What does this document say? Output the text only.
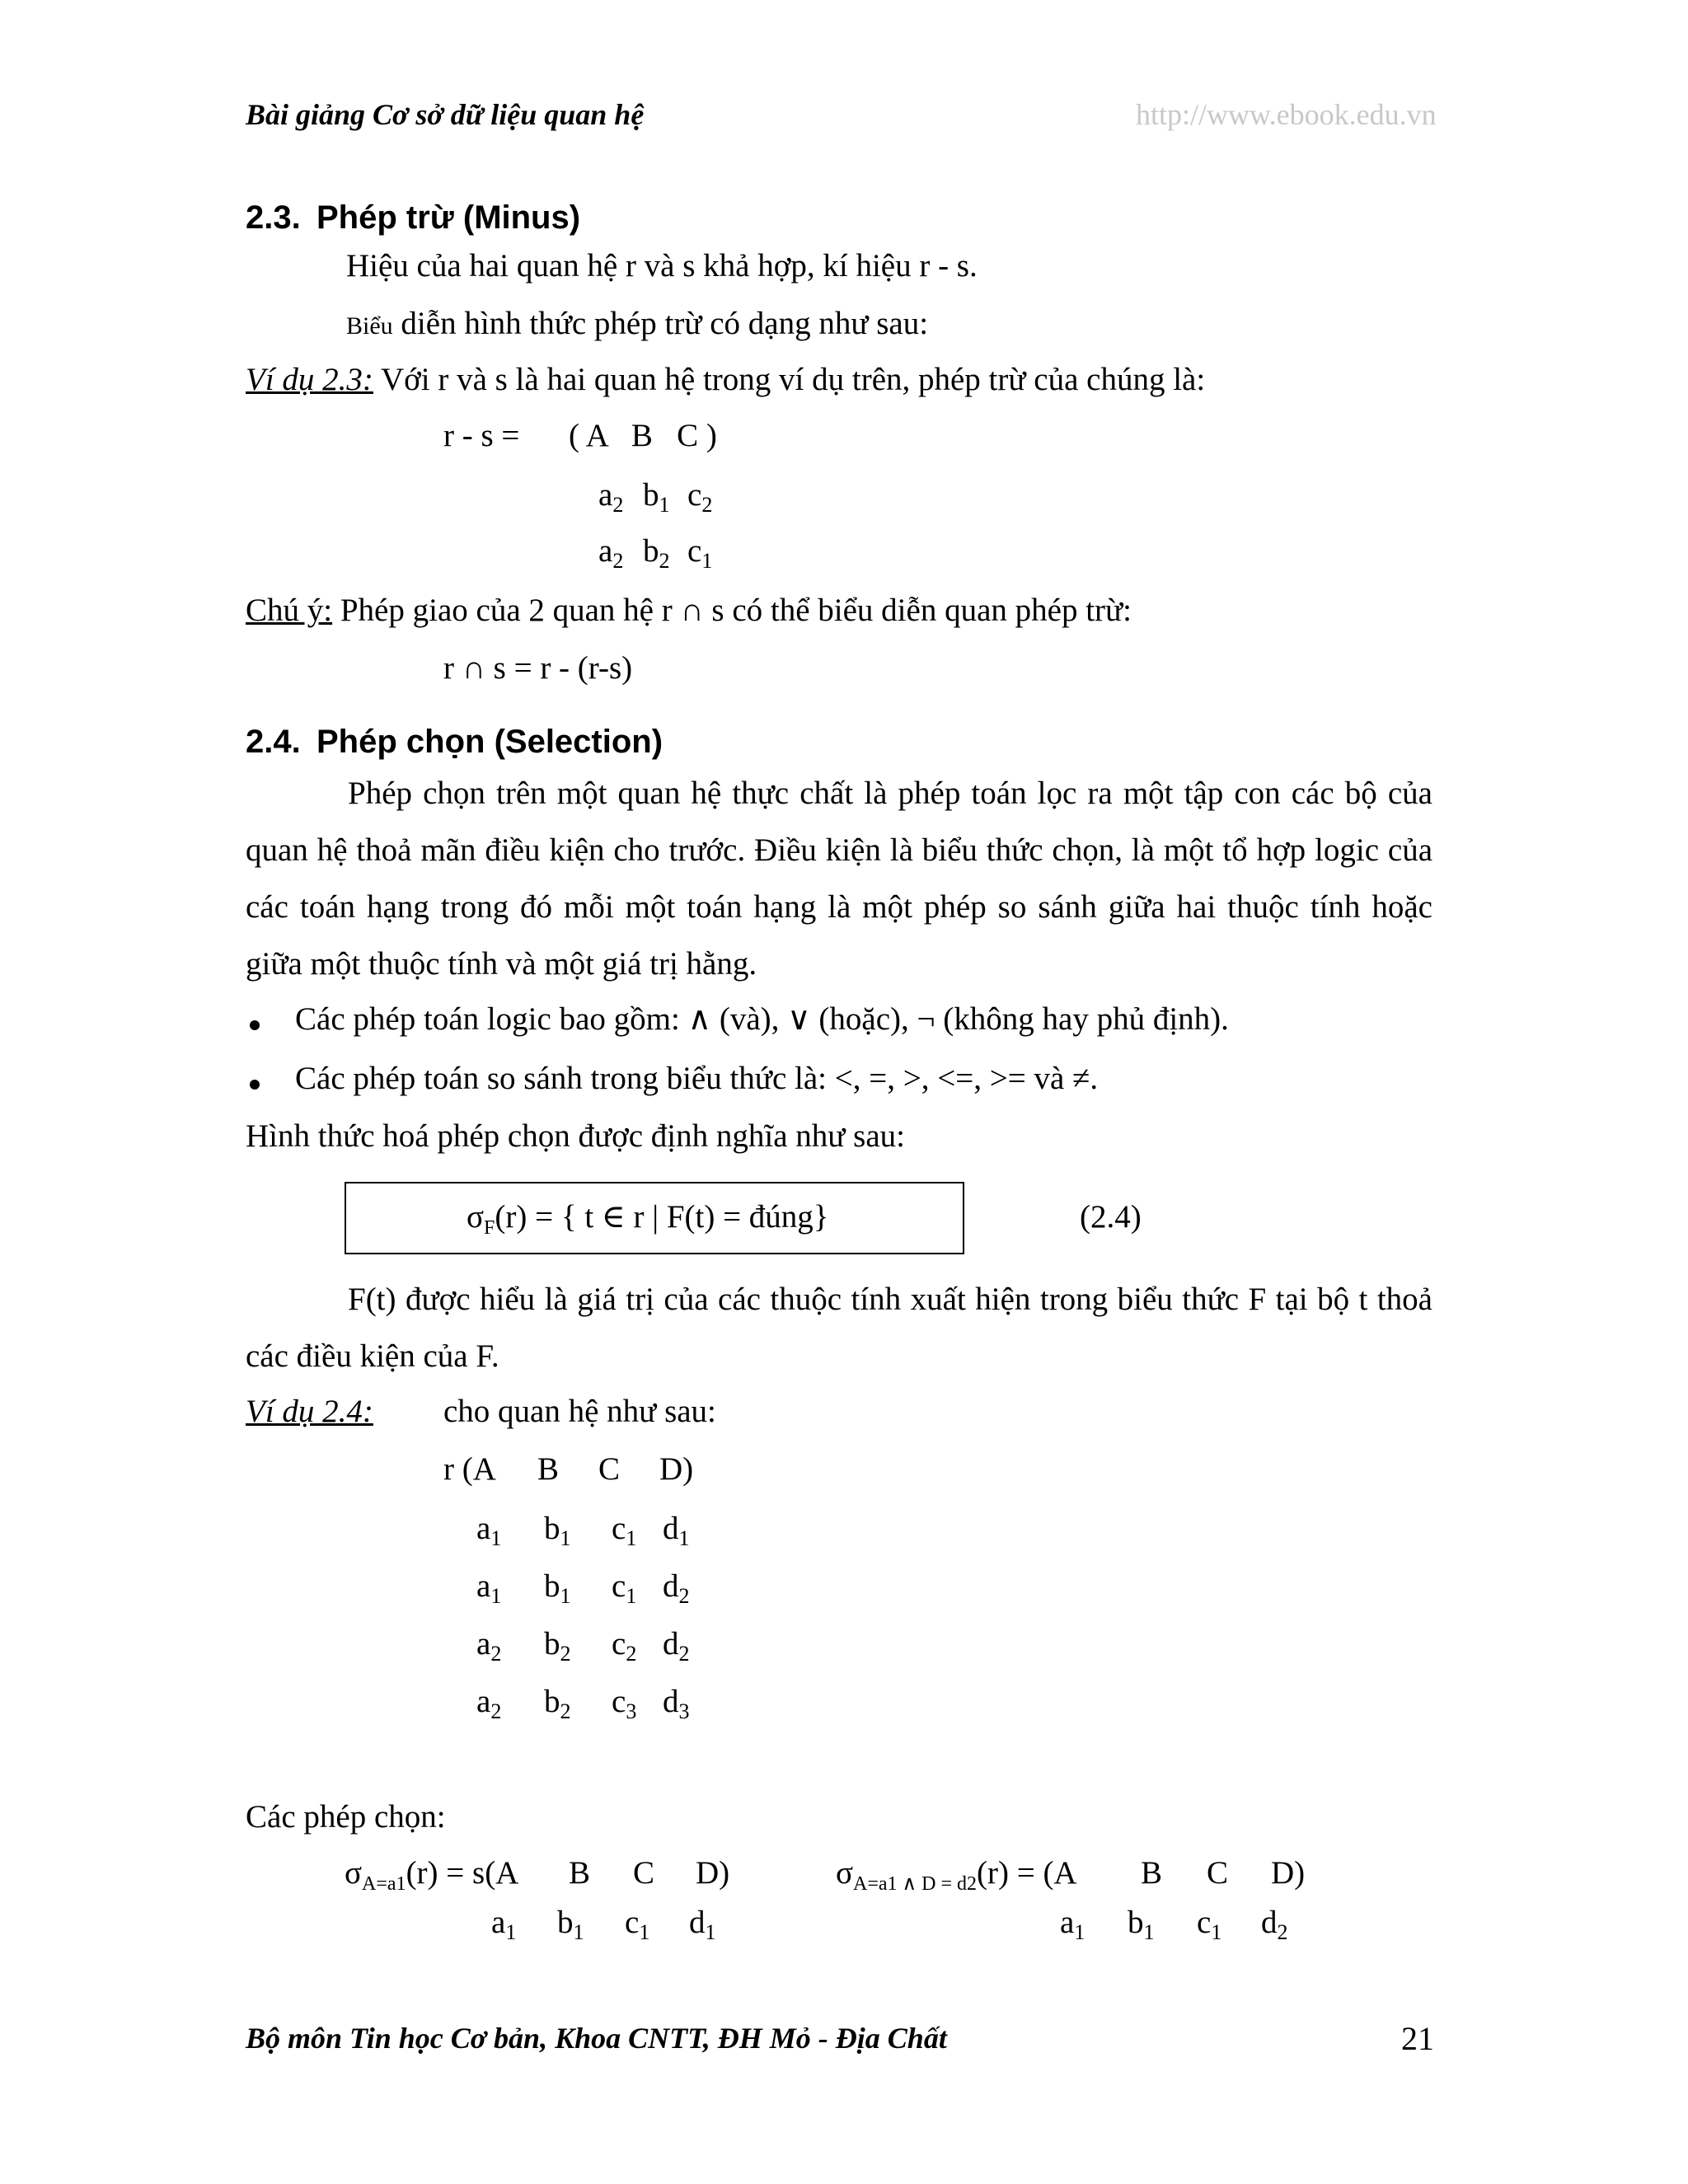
Bài giảng Cơ sở dữ liệu quan hệ	http://www.ebook.edu.vn
2.3. Phép trừ (Minus)
Hiệu của hai quan hệ r và s khả hợp, kí hiệu r - s.
Biểu diễn hình thức phép trừ có dạng như sau:
Ví dụ 2.3: Với r và s là hai quan hệ trong ví dụ trên, phép trừ của chúng là:
r - s = ( A   B   C )
$a_2$ $b_1$ $c_2$
$a_2$ $b_2$ $c_1$
Chú ý: Phép giao của 2 quan hệ r ∩ s có thể biểu diễn quan phép trừ:
r ∩ s = r - (r-s)
2.4. Phép chọn (Selection)
Phép chọn trên một quan hệ thực chất là phép toán lọc ra một tập con các bộ của quan hệ thoả mãn điều kiện cho trước. Điều kiện là biểu thức chọn, là một tổ hợp logic của các toán hạng trong đó mỗi một toán hạng là một phép so sánh giữa hai thuộc tính hoặc giữa một thuộc tính và một giá trị hằng.
Các phép toán logic bao gồm: ∧ (và), ∨ (hoặc), ¬ (không hay phủ định).
Các phép toán so sánh trong biểu thức là: <, =, >, <=, >= và ≠.
Hình thức hoá phép chọn được định nghĩa như sau:
$\sigma_F(r)$ = { t ∈ r | F(t) = đúng}	(2.4)
F(t) được hiểu là giá trị của các thuộc tính xuất hiện trong biểu thức F tại bộ t thoả các điều kiện của F.
Ví dụ 2.4: cho quan hệ như sau:
r (A B C D)
$a_1$ $b_1$ $c_1$ $d_1$
$a_1$ $b_1$ $c_1$ $d_2$
$a_2$ $b_2$ $c_2$ $d_2$
$a_2$ $b_2$ $c_3$ $d_3$
Các phép chọn:
$\sigma_{A=a1}(r) = s(A$ B C D)
$a_1$ $b_1$ $c_1$ $d_1$
$\sigma_{A=a1 \wedge D = d2}(r) = (A$ B C D)
$a_1$ $b_1$ $c_1$ $d_2$
Bộ môn Tin học Cơ bản, Khoa CNTT, ĐH Mỏ - Địa Chất	21
